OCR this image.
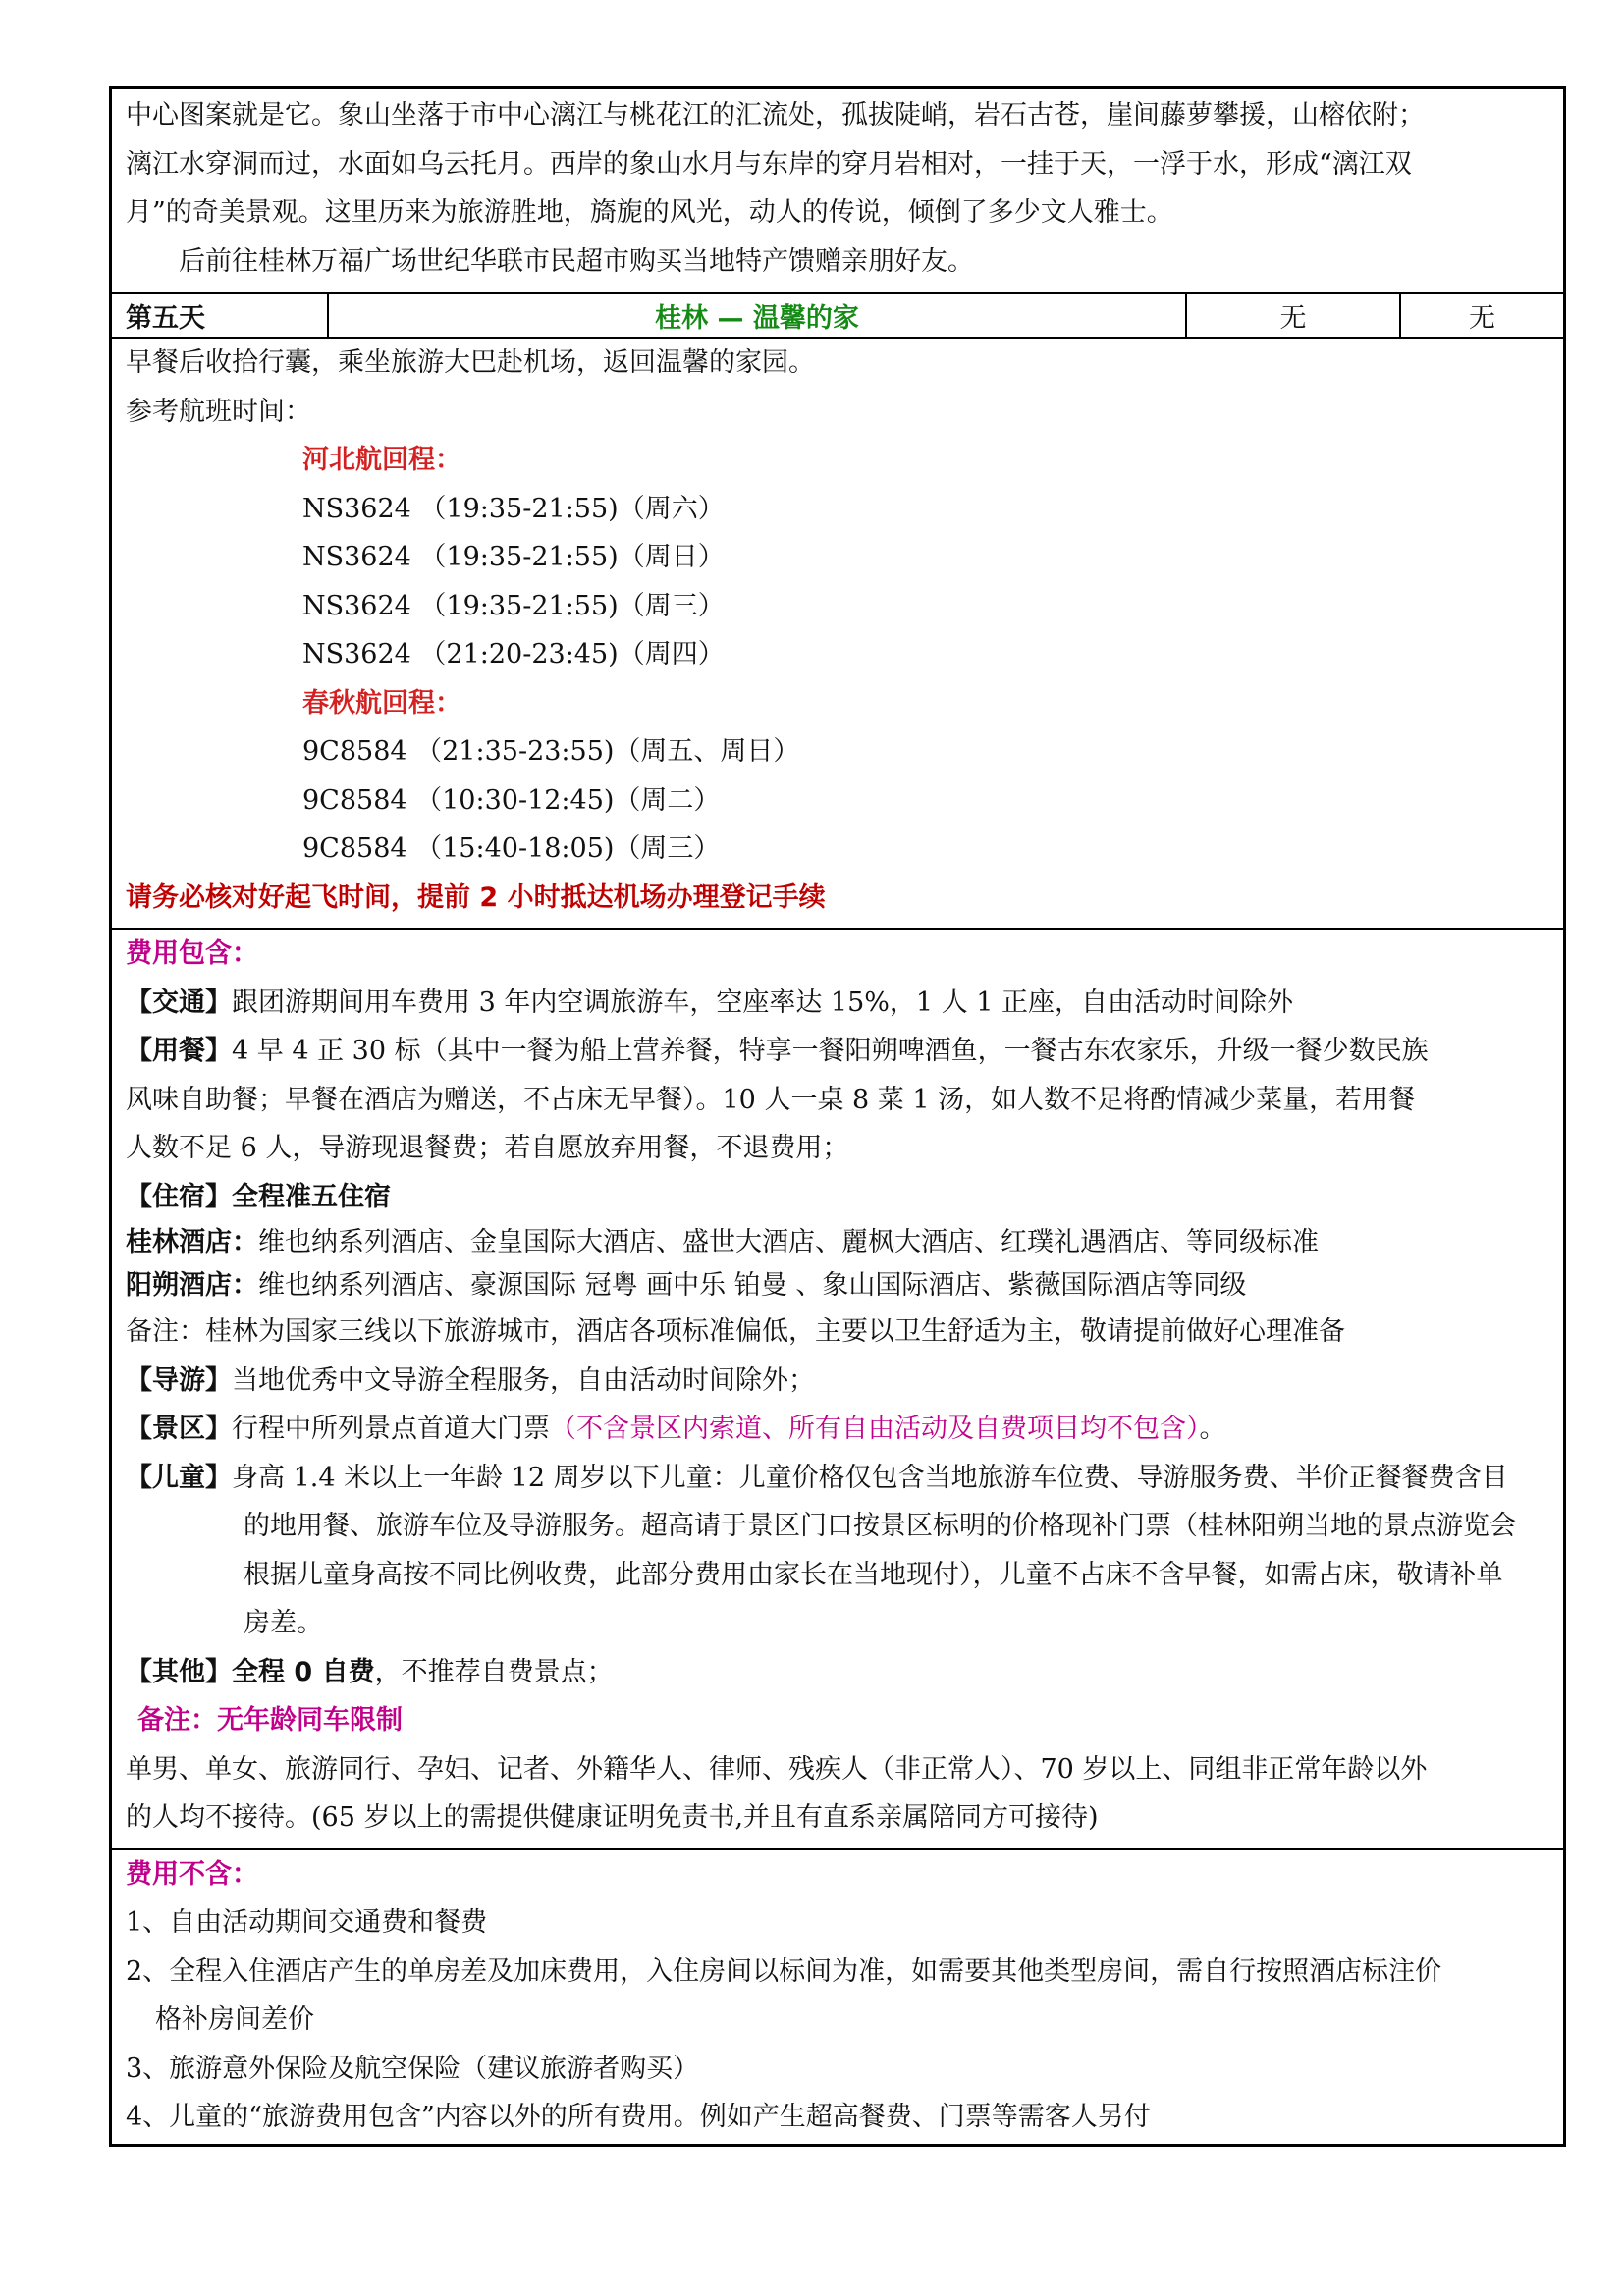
中心图案就是它。象山坐落于市中心漓江与桃花江的汇流处，孤拔陡峭，岩石古苍，崖间藤萝攀援，山榕依附；
漓江水穿洞而过，水面如乌云托月。西岸的象山水月与东岸的穿月岩相对，一挂于天，一浮于水，形成“漓江双
月”的奇美景观。这里历来为旅游胜地，旖旎的风光，动人的传说，倾倒了多少文人雅士。
后前往桂林万福广场世纪华联市民超市购买当地特产馈赠亲朋好友。
第五天	桂林 — 温馨的家	无	无
早餐后收拾行囊，乘坐旅游大巴赴机场，返回温馨的家园。
参考航班时间：
河北航回程：
NS3624 （19:35-21:55)（周六）
NS3624 （19:35-21:55)（周日）
NS3624 （19:35-21:55)（周三）
NS3624 （21:20-23:45)（周四）
春秋航回程：
9C8584 （21:35-23:55)（周五、周日）
9C8584 （10:30-12:45)（周二）
9C8584 （15:40-18:05)（周三）
请务必核对好起飞时间，提前 2 小时抵达机场办理登记手续
费用包含：
【交通】跟团游期间用车费用 3 年内空调旅游车，空座率达 15%，1 人 1 正座，自由活动时间除外
【用餐】4 早 4 正 30 标（其中一餐为船上营养餐，特享一餐阳朔啤酒鱼，一餐古东农家乐，升级一餐少数民族
风味自助餐；早餐在酒店为赠送，不占床无早餐）。10 人一桌 8 菜 1 汤，如人数不足将酌情减少菜量，若用餐
人数不足 6 人，导游现退餐费；若自愿放弃用餐，不退费用；
【住宿】全程准五住宿
桂林酒店：维也纳系列酒店、金皇国际大酒店、盛世大酒店、麗枫大酒店、红璞礼遇酒店、等同级标准
阳朔酒店：维也纳系列酒店、豪源国际 冠粤 画中乐 铂曼 、象山国际酒店、紫薇国际酒店等同级
备注：桂林为国家三线以下旅游城市，酒店各项标准偏低，主要以卫生舒适为主，敬请提前做好心理准备
【导游】当地优秀中文导游全程服务，自由活动时间除外；
【景区】行程中所列景点首道大门票（不含景区内索道、所有自由活动及自费项目均不包含）。
【儿童】身高 1.4 米以上一年龄 12 周岁以下儿童：儿童价格仅包含当地旅游车位费、导游服务费、半价正餐餐费含目
的地用餐、旅游车位及导游服务。超高请于景区门口按景区标明的价格现补门票（桂林阳朔当地的景点游览会
根据儿童身高按不同比例收费，此部分费用由家长在当地现付），儿童不占床不含早餐，如需占床，敬请补单
房差。
【其他】全程 0 自费，不推荐自费景点；
备注：无年龄同车限制
单男、单女、旅游同行、孕妇、记者、外籍华人、律师、残疾人（非正常人）、70 岁以上、同组非正常年龄以外
的人均不接待。(65 岁以上的需提供健康证明免责书,并且有直系亲属陪同方可接待)
费用不含：
1、自由活动期间交通费和餐费
2、全程入住酒店产生的单房差及加床费用，入住房间以标间为准，如需要其他类型房间，需自行按照酒店标注价
格补房间差价
3、旅游意外保险及航空保险（建议旅游者购买）
4、儿童的“旅游费用包含”内容以外的所有费用。例如产生超高餐费、门票等需客人另付
